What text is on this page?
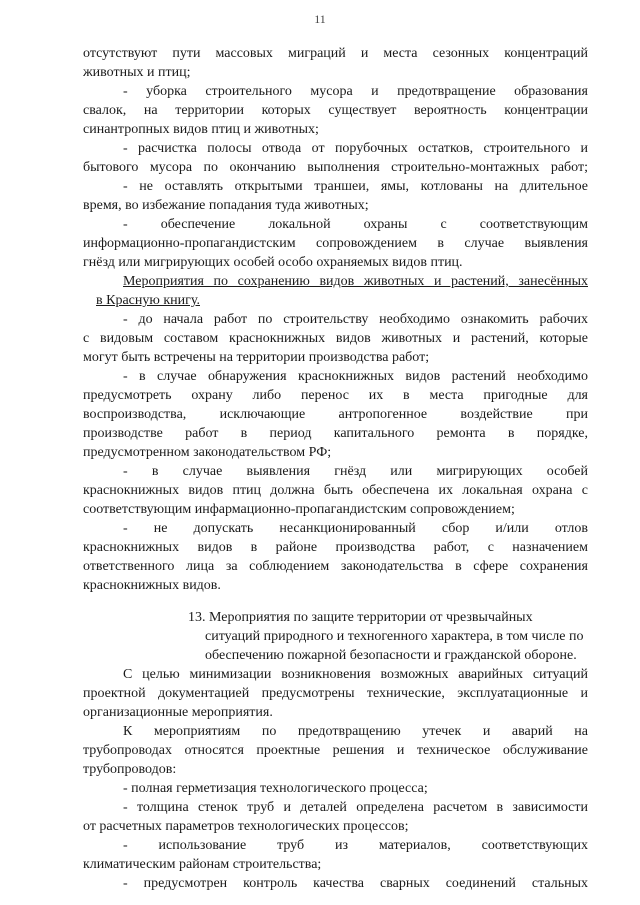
11
отсутствуют пути массовых миграций и места сезонных концентраций
животных и птиц;
- уборка строительного мусора и предотвращение образования
свалок, на территории которых существует вероятность концентрации
синантропных видов птиц и животных;
- расчистка полосы отвода от порубочных остатков, строительного и
бытового мусора по окончанию выполнения строительно-монтажных работ;
- не оставлять открытыми траншеи, ямы, котлованы на длительное
время, во избежание попадания туда животных;
- обеспечение локальной охраны с соответствующим
информационно-пропагандистским сопровождением в случае выявления
гнёзд или мигрирующих особей особо охраняемых видов птиц.
Мероприятия по сохранению видов животных и растений, занесённых
в Красную книгу.
- до начала работ по строительству необходимо ознакомить рабочих
с видовым составом краснокнижных видов животных и растений, которые
могут быть встречены на территории производства работ;
- в случае обнаружения краснокнижных видов растений необходимо
предусмотреть охрану либо перенос их в места пригодные для
воспроизводства, исключающие антропогенное воздействие при
производстве работ в период капитального ремонта в порядке,
предусмотренном законодательством РФ;
- в случае выявления гнёзд или мигрирующих особей
краснокнижных видов птиц должна быть обеспечена их локальная охрана с
соответствующим инфармационно-пропагандистским сопровождением;
- не допускать несанкционированный сбор и/или отлов
краснокнижных видов в районе производства работ, с назначением
ответственного лица за соблюдением законодательства в сфере сохранения
краснокнижных видов.
13. Мероприятия по защите территории от чрезвычайных
ситуаций природного и техногенного характера, в том числе по
обеспечению пожарной безопасности и гражданской обороне.
С целью минимизации возникновения возможных аварийных ситуаций
проектной документацией предусмотрены технические, эксплуатационные и
организационные мероприятия.
К мероприятиям по предотвращению утечек и аварий на
трубопроводах относятся проектные решения и техническое обслуживание
трубопроводов:
- полная герметизация технологического процесса;
- толщина стенок труб и деталей определена расчетом в зависимости
от расчетных параметров технологических процессов;
- использование труб из материалов, соответствующих
климатическим районам строительства;
- предусмотрен контроль качества сварных соединений стальных
